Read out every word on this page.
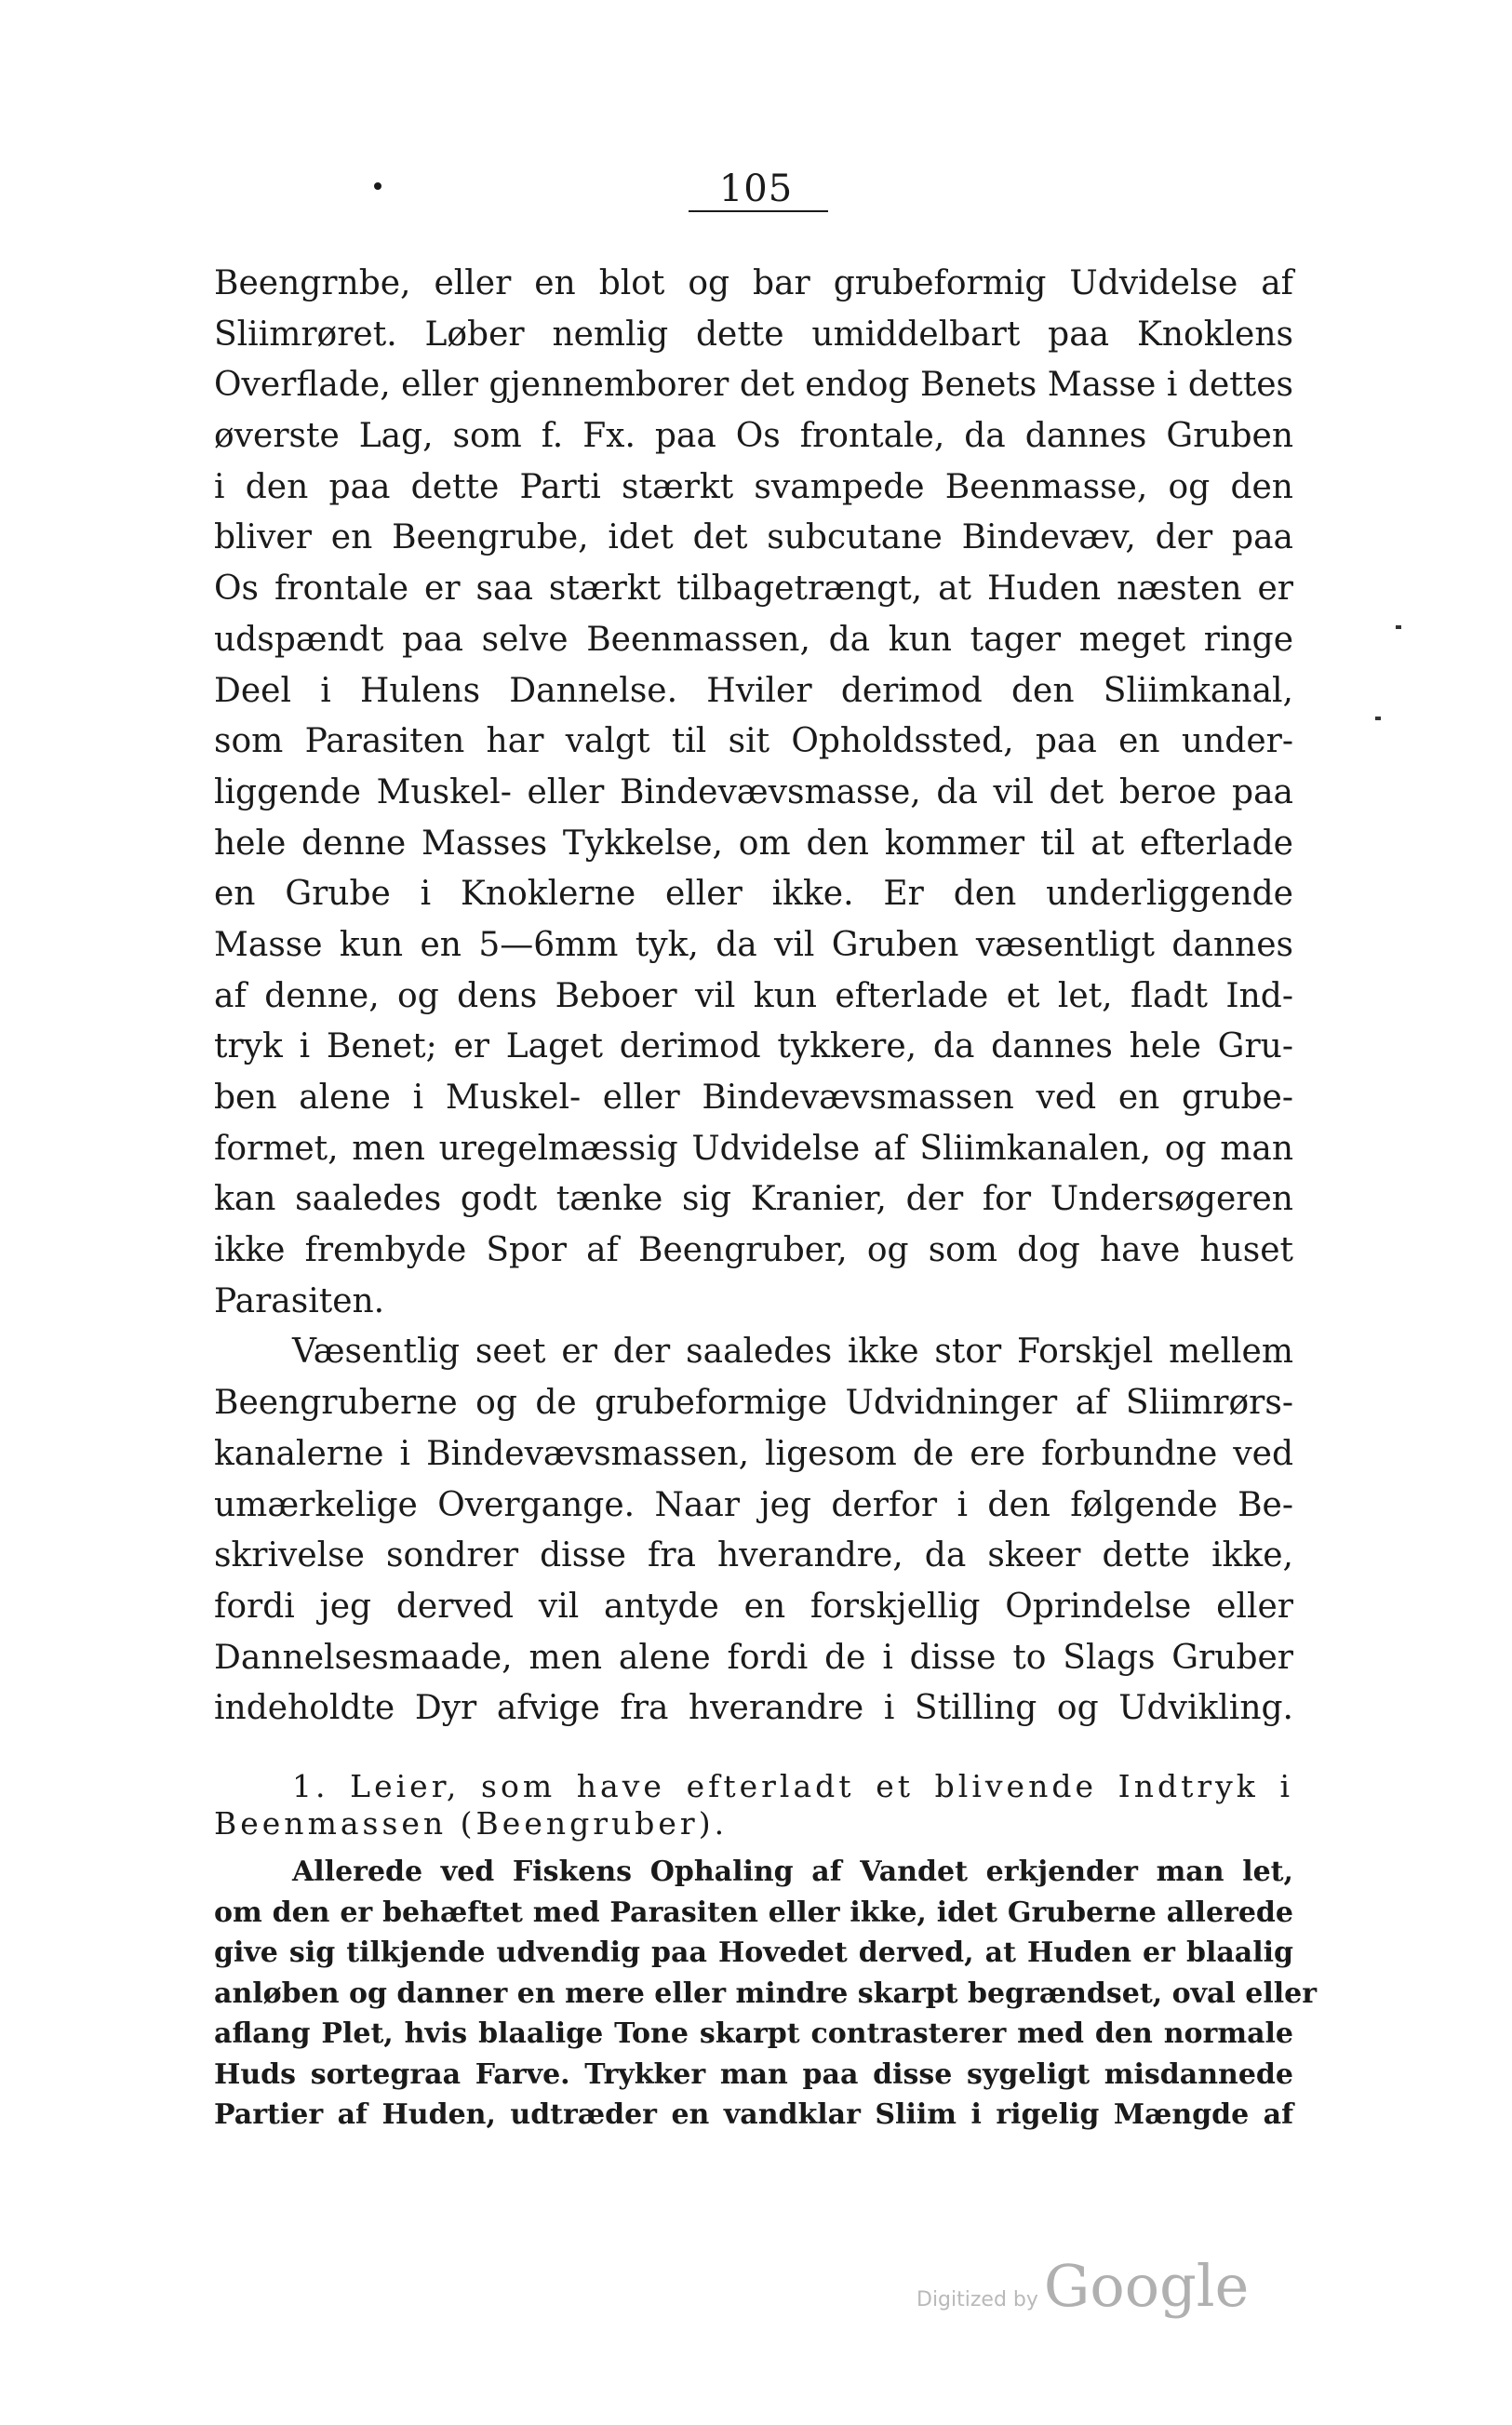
105
Beengrnbe, eller en blot og bar grubeformig Udvidelse af
Sliimrøret. Løber nemlig dette umiddelbart paa Knoklens
Overflade, eller gjennemborer det endog Benets Masse i dettes
øverste Lag, som f. Fx. paa Os frontale, da dannes Gruben
i den paa dette Parti stærkt svampede Beenmasse, og den
bliver en Beengrube, idet det subcutane Bindevæv, der paa
Os frontale er saa stærkt tilbagetrængt, at Huden næsten er
udspændt paa selve Beenmassen, da kun tager meget ringe
Deel i Hulens Dannelse. Hviler derimod den Sliimkanal,
som Parasiten har valgt til sit Opholdssted, paa en under-
liggende Muskel- eller Bindevævsmasse, da vil det beroe paa
hele denne Masses Tykkelse, om den kommer til at efterlade
en Grube i Knoklerne eller ikke. Er den underliggende
Masse kun en 5—6mm tyk, da vil Gruben væsentligt dannes
af denne, og dens Beboer vil kun efterlade et let, fladt Ind-
tryk i Benet; er Laget derimod tykkere, da dannes hele Gru-
ben alene i Muskel- eller Bindevævsmassen ved en grube-
formet, men uregelmæssig Udvidelse af Sliimkanalen, og man
kan saaledes godt tænke sig Kranier, der for Undersøgeren
ikke frembyde Spor af Beengruber, og som dog have huset
Parasiten.
Væsentlig seet er der saaledes ikke stor Forskjel mellem
Beengruberne og de grubeformige Udvidninger af Sliimrørs-
kanalerne i Bindevævsmassen, ligesom de ere forbundne ved
umærkelige Overgange. Naar jeg derfor i den følgende Be-
skrivelse sondrer disse fra hverandre, da skeer dette ikke,
fordi jeg derved vil antyde en forskjellig Oprindelse eller
Dannelsesmaade, men alene fordi de i disse to Slags Gruber
indeholdte Dyr afvige fra hverandre i Stilling og Udvikling.
1. Leier, som have efterladt et blivende Indtryk i
Beenmassen (Beengruber).
Allerede ved Fiskens Ophaling af Vandet erkjender man let,
om den er behæftet med Parasiten eller ikke, idet Gruberne allerede
give sig tilkjende udvendig paa Hovedet derved, at Huden er blaalig
anløben og danner en mere eller mindre skarpt begrændset, oval eller
aflang Plet, hvis blaalige Tone skarpt contrasterer med den normale
Huds sortegraa Farve. Trykker man paa disse sygeligt misdannede
Partier af Huden, udtræder en vandklar Sliim i rigelig Mængde af
Digitized by Google
